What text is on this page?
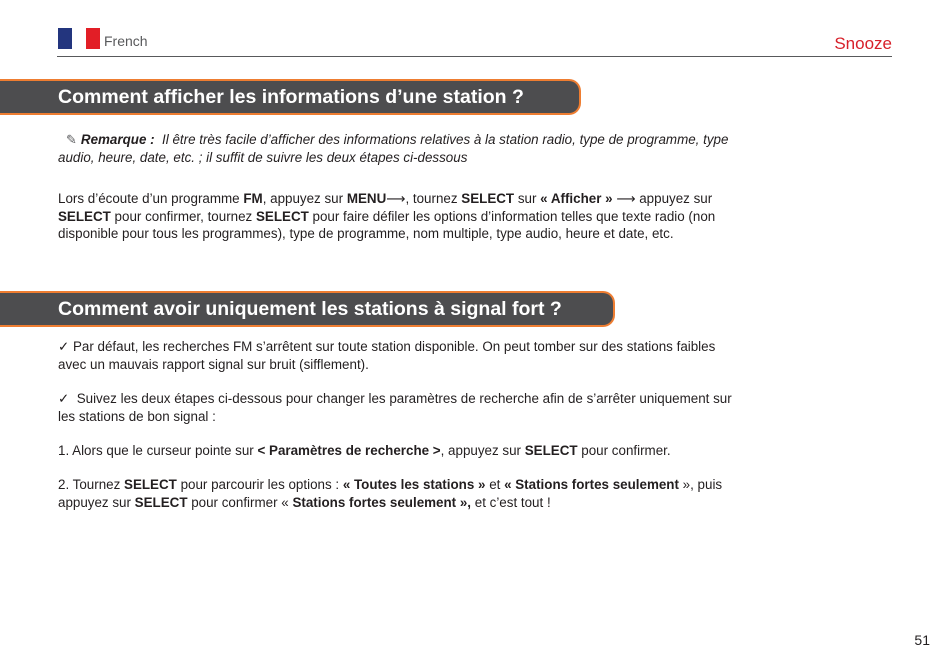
French	Snooze
Comment afficher les informations d’une station ?

✎ Remarque : Il être très facile d’afficher des informations relatives à la station radio, type de programme, type audio, heure, date, etc. ; il suffit de suivre les deux étapes ci-dessous

Lors d’écoute d’un programme FM, appuyez sur MENU⟶, tournez SELECT sur « Afficher » ⟶ appuyez sur
SELECT pour confirmer, tournez SELECT pour faire défiler les options d’information telles que texte radio (non disponible pour tous les programmes), type de programme, nom multiple, type audio, heure et date, etc.

Comment avoir uniquement les stations à signal fort ?

✓ Par défaut, les recherches FM s’arrêtent sur toute station disponible. On peut tomber sur des stations faibles avec un mauvais rapport signal sur bruit (sifflement).

✓ Suivez les deux étapes ci-dessous pour changer les paramètres de recherche afin de s’arrêter uniquement sur les stations de bon signal :

1. Alors que le curseur pointe sur < Paramètres de recherche >, appuyez sur SELECT pour confirmer.

2. Tournez SELECT pour parcourir les options : « Toutes les stations » et « Stations fortes seulement », puis appuyez sur SELECT pour confirmer « Stations fortes seulement », et c’est tout !

51
